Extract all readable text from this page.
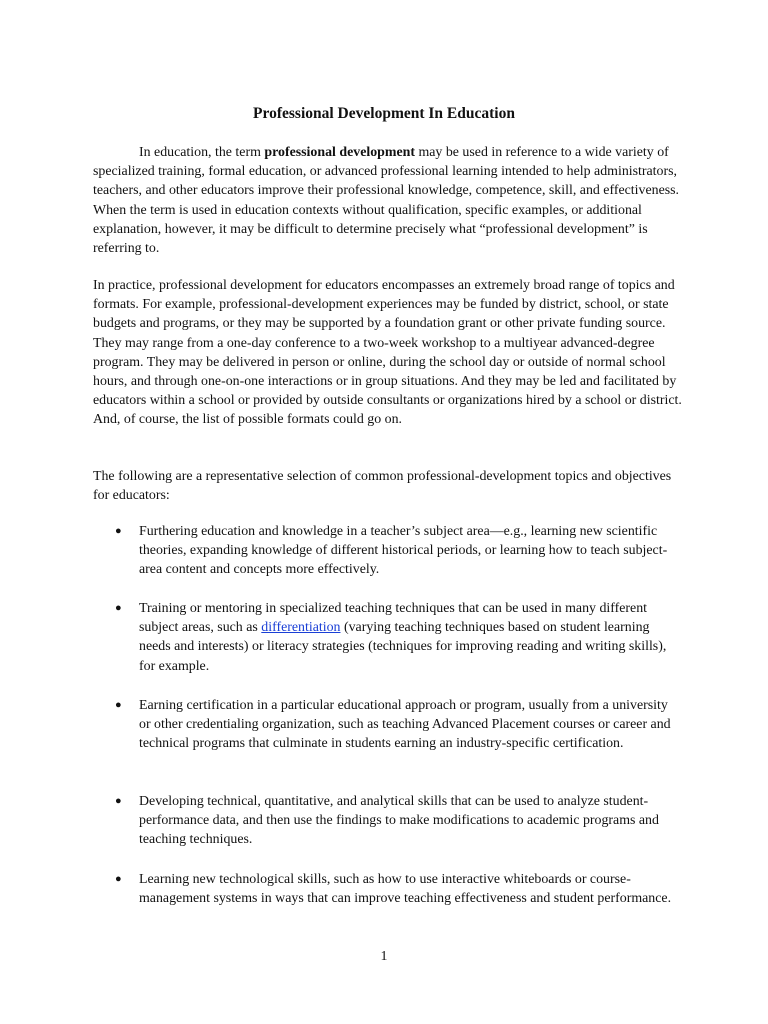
Professional Development In Education

In education, the term professional development may be used in reference to a wide variety of specialized training, formal education, or advanced professional learning intended to help administrators, teachers, and other educators improve their professional knowledge, competence, skill, and effectiveness. When the term is used in education contexts without qualification, specific examples, or additional explanation, however, it may be difficult to determine precisely what “professional development” is referring to.

In practice, professional development for educators encompasses an extremely broad range of topics and formats. For example, professional-development experiences may be funded by district, school, or state budgets and programs, or they may be supported by a foundation grant or other private funding source. They may range from a one-day conference to a two-week workshop to a multiyear advanced-degree program. They may be delivered in person or online, during the school day or outside of normal school hours, and through one-on-one interactions or in group situations. And they may be led and facilitated by educators within a school or provided by outside consultants or organizations hired by a school or district. And, of course, the list of possible formats could go on.

The following are a representative selection of common professional-development topics and objectives for educators:

● Furthering education and knowledge in a teacher’s subject area—e.g., learning new scientific theories, expanding knowledge of different historical periods, or learning how to teach subject-area content and concepts more effectively.

● Training or mentoring in specialized teaching techniques that can be used in many different subject areas, such as differentiation (varying teaching techniques based on student learning needs and interests) or literacy strategies (techniques for improving reading and writing skills), for example.

● Earning certification in a particular educational approach or program, usually from a university or other credentialing organization, such as teaching Advanced Placement courses or career and technical programs that culminate in students earning an industry-specific certification.

● Developing technical, quantitative, and analytical skills that can be used to analyze student-performance data, and then use the findings to make modifications to academic programs and teaching techniques.

● Learning new technological skills, such as how to use interactive whiteboards or course-management systems in ways that can improve teaching effectiveness and student performance.

1
